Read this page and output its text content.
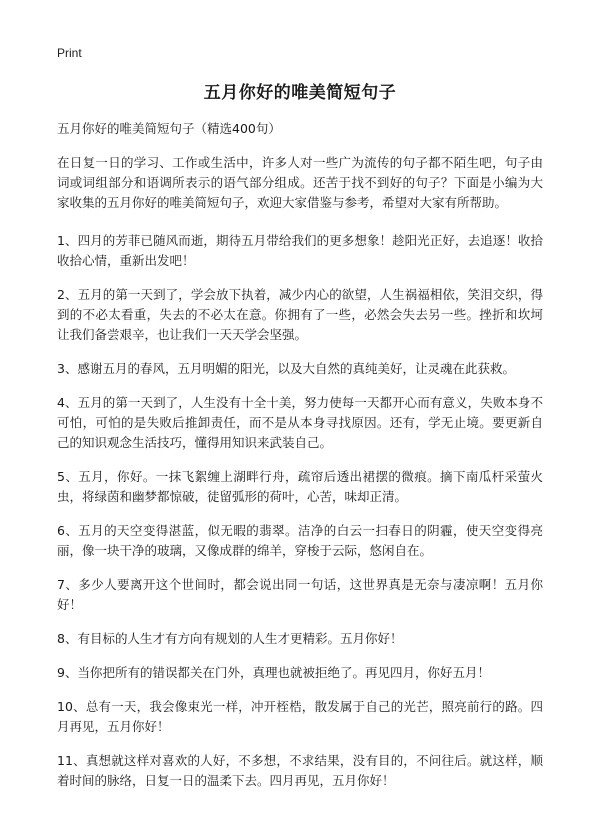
Print
五月你好的唯美简短句子

五月你好的唯美简短句子（精选400句）

在日复一日的学习、工作或生活中，许多人对一些广为流传的句子都不陌生吧，句子由词或词组部分和语调所表示的语气部分组成。还苦于找不到好的句子？下面是小编为大家收集的五月你好的唯美简短句子，欢迎大家借鉴与参考，希望对大家有所帮助。

1、四月的芳菲已随风而逝，期待五月带给我们的更多想象！趁阳光正好，去追逐！收拾收拾心情，重新出发吧！

2、五月的第一天到了，学会放下执着，减少内心的欲望，人生祸福相依，笑泪交织，得到的不必太看重，失去的不必太在意。你拥有了一些，必然会失去另一些。挫折和坎坷让我们备尝艰辛，也让我们一天天学会坚强。

3、感谢五月的春风，五月明媚的阳光，以及大自然的真纯美好，让灵魂在此获救。

4、五月的第一天到了，人生没有十全十美，努力使每一天都开心而有意义，失败本身不可怕，可怕的是失败后推卸责任，而不是从本身寻找原因。还有，学无止境。要更新自己的知识观念生活技巧，懂得用知识来武装自己。

5、五月，你好。一抹飞絮缠上湖畔行舟，疏帘后透出裙摆的微痕。摘下南瓜杆采萤火虫，将绿茵和幽梦都惊破，徒留弧形的荷叶，心苦，味却正清。

6、五月的天空变得湛蓝，似无暇的翡翠。洁净的白云一扫春日的阴霾，使天空变得亮丽，像一块干净的玻璃，又像成群的绵羊，穿梭于云际，悠闲自在。

7、多少人要离开这个世间时，都会说出同一句话，这世界真是无奈与凄凉啊！五月你好！

8、有目标的人生才有方向有规划的人生才更精彩。五月你好！

9、当你把所有的错误都关在门外，真理也就被拒绝了。再见四月，你好五月！

10、总有一天，我会像束光一样，冲开桎梏，散发属于自己的光芒，照亮前行的路。四月再见，五月你好！

11、真想就这样对喜欢的人好，不多想，不求结果，没有目的，不问往后。就这样，顺着时间的脉络，日复一日的温柔下去。四月再见，五月你好！
